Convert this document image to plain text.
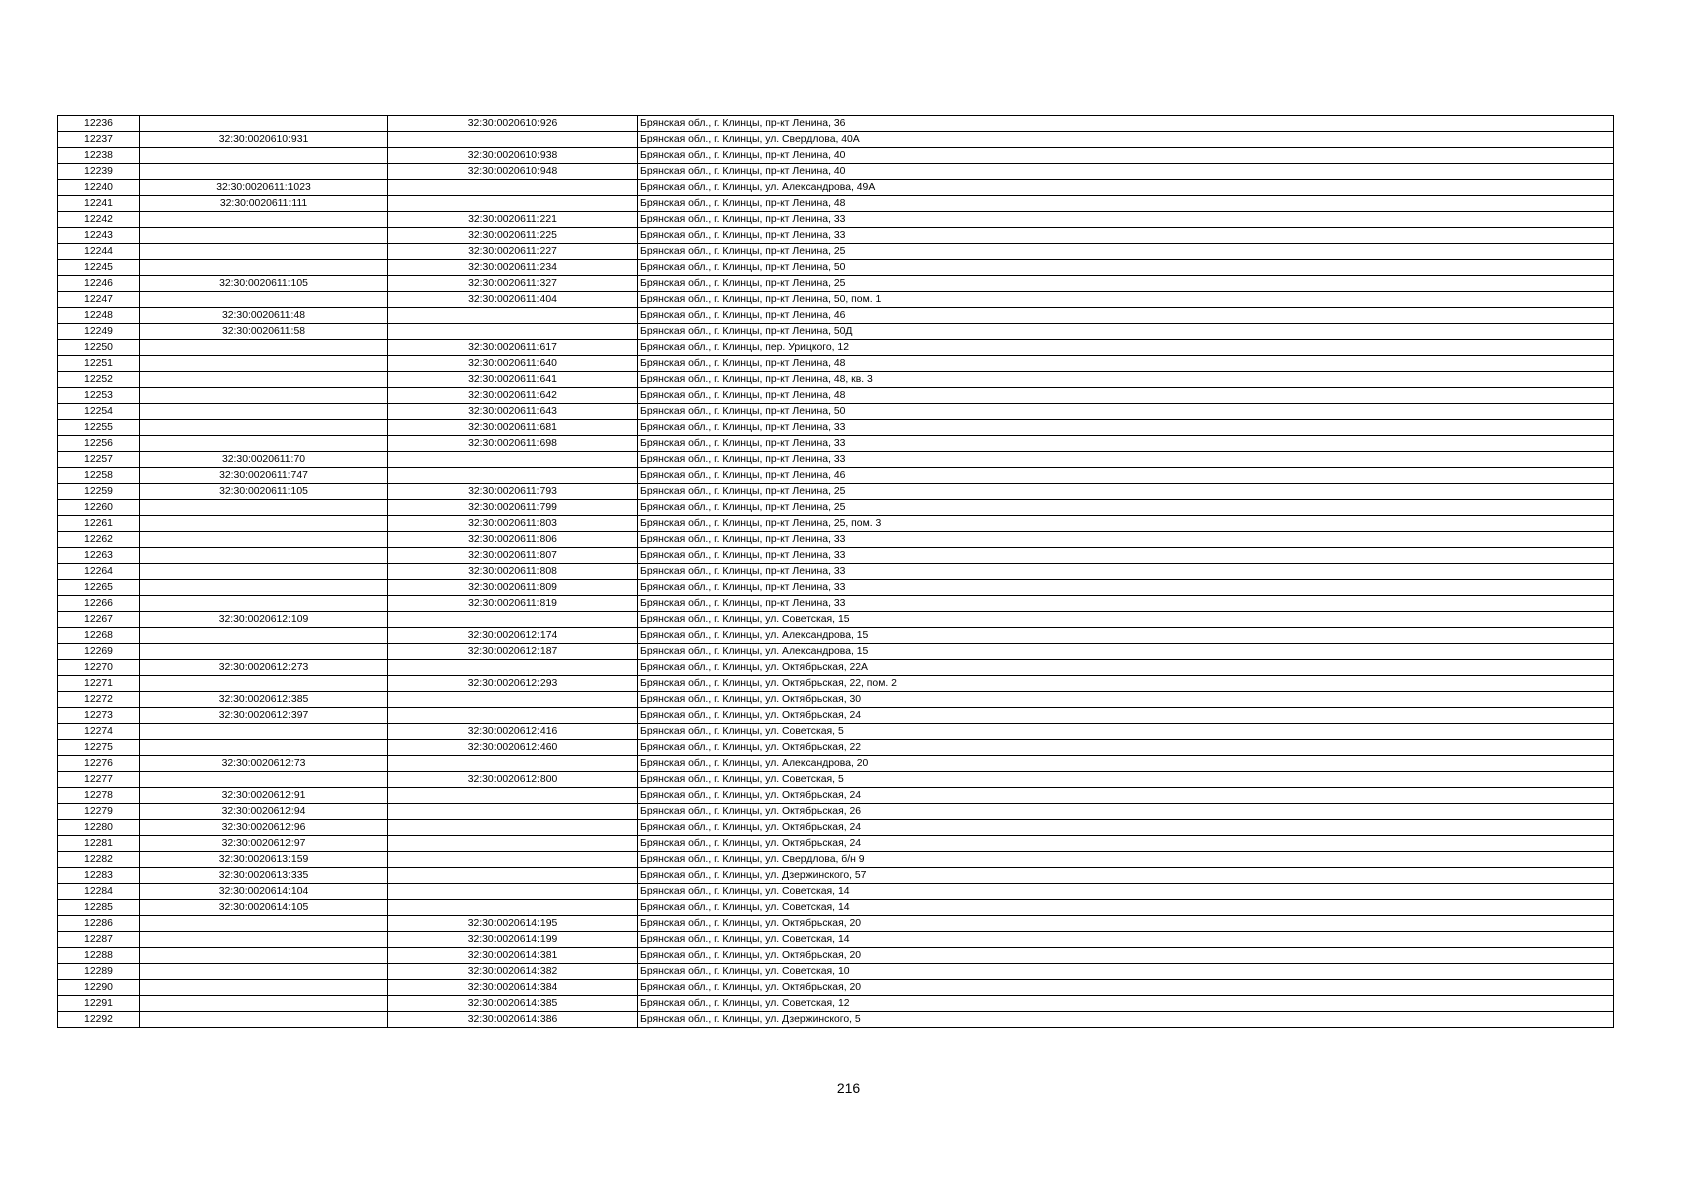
12236		32:30:0020610:926	Брянская обл., г. Клинцы, пр-кт Ленина, 36
12237	32:30:0020610:931		Брянская обл., г. Клинцы, ул. Свердлова, 40А
12238		32:30:0020610:938	Брянская обл., г. Клинцы, пр-кт Ленина, 40
12239		32:30:0020610:948	Брянская обл., г. Клинцы, пр-кт Ленина, 40
12240	32:30:0020611:1023		Брянская обл., г. Клинцы, ул. Александрова, 49А
12241	32:30:0020611:111		Брянская обл., г. Клинцы, пр-кт Ленина, 48
12242		32:30:0020611:221	Брянская обл., г. Клинцы, пр-кт Ленина, 33
12243		32:30:0020611:225	Брянская обл., г. Клинцы, пр-кт Ленина, 33
12244		32:30:0020611:227	Брянская обл., г. Клинцы, пр-кт Ленина, 25
12245		32:30:0020611:234	Брянская обл., г. Клинцы, пр-кт Ленина, 50
12246	32:30:0020611:105	32:30:0020611:327	Брянская обл., г. Клинцы, пр-кт Ленина, 25
12247		32:30:0020611:404	Брянская обл., г. Клинцы, пр-кт Ленина, 50, пом. 1
12248	32:30:0020611:48		Брянская обл., г. Клинцы, пр-кт Ленина, 46
12249	32:30:0020611:58		Брянская обл., г. Клинцы, пр-кт Ленина, 50Д
12250		32:30:0020611:617	Брянская обл., г. Клинцы, пер. Урицкого, 12
12251		32:30:0020611:640	Брянская обл., г. Клинцы, пр-кт Ленина, 48
12252		32:30:0020611:641	Брянская обл., г. Клинцы, пр-кт Ленина, 48, кв. 3
12253		32:30:0020611:642	Брянская обл., г. Клинцы, пр-кт Ленина, 48
12254		32:30:0020611:643	Брянская обл., г. Клинцы, пр-кт Ленина, 50
12255		32:30:0020611:681	Брянская обл., г. Клинцы, пр-кт Ленина, 33
12256		32:30:0020611:698	Брянская обл., г. Клинцы, пр-кт Ленина, 33
12257	32:30:0020611:70		Брянская обл., г. Клинцы, пр-кт Ленина, 33
12258	32:30:0020611:747		Брянская обл., г. Клинцы, пр-кт Ленина, 46
12259	32:30:0020611:105	32:30:0020611:793	Брянская обл., г. Клинцы, пр-кт Ленина, 25
12260		32:30:0020611:799	Брянская обл., г. Клинцы, пр-кт Ленина, 25
12261		32:30:0020611:803	Брянская обл., г. Клинцы, пр-кт Ленина, 25, пом. 3
12262		32:30:0020611:806	Брянская обл., г. Клинцы, пр-кт Ленина, 33
12263		32:30:0020611:807	Брянская обл., г. Клинцы, пр-кт Ленина, 33
12264		32:30:0020611:808	Брянская обл., г. Клинцы, пр-кт Ленина, 33
12265		32:30:0020611:809	Брянская обл., г. Клинцы, пр-кт Ленина, 33
12266		32:30:0020611:819	Брянская обл., г. Клинцы, пр-кт Ленина, 33
12267	32:30:0020612:109		Брянская обл., г. Клинцы, ул. Советская, 15
12268		32:30:0020612:174	Брянская обл., г. Клинцы, ул. Александрова, 15
12269		32:30:0020612:187	Брянская обл., г. Клинцы, ул. Александрова, 15
12270	32:30:0020612:273		Брянская обл., г. Клинцы, ул. Октябрьская, 22А
12271		32:30:0020612:293	Брянская обл., г. Клинцы, ул. Октябрьская, 22, пом. 2
12272	32:30:0020612:385		Брянская обл., г. Клинцы, ул. Октябрьская, 30
12273	32:30:0020612:397		Брянская обл., г. Клинцы, ул. Октябрьская, 24
12274		32:30:0020612:416	Брянская обл., г. Клинцы, ул. Советская, 5
12275		32:30:0020612:460	Брянская обл., г. Клинцы, ул. Октябрьская, 22
12276	32:30:0020612:73		Брянская обл., г. Клинцы, ул. Александрова, 20
12277		32:30:0020612:800	Брянская обл., г. Клинцы, ул. Советская, 5
12278	32:30:0020612:91		Брянская обл., г. Клинцы, ул. Октябрьская, 24
12279	32:30:0020612:94		Брянская обл., г. Клинцы, ул. Октябрьская, 26
12280	32:30:0020612:96		Брянская обл., г. Клинцы, ул. Октябрьская, 24
12281	32:30:0020612:97		Брянская обл., г. Клинцы, ул. Октябрьская, 24
12282	32:30:0020613:159		Брянская обл., г. Клинцы, ул. Свердлова, б/н 9
12283	32:30:0020613:335		Брянская обл., г. Клинцы, ул. Дзержинского, 57
12284	32:30:0020614:104		Брянская обл., г. Клинцы, ул. Советская, 14
12285	32:30:0020614:105		Брянская обл., г. Клинцы, ул. Советская, 14
12286		32:30:0020614:195	Брянская обл., г. Клинцы, ул. Октябрьская, 20
12287		32:30:0020614:199	Брянская обл., г. Клинцы, ул. Советская, 14
12288		32:30:0020614:381	Брянская обл., г. Клинцы, ул. Октябрьская, 20
12289		32:30:0020614:382	Брянская обл., г. Клинцы, ул. Советская, 10
12290		32:30:0020614:384	Брянская обл., г. Клинцы, ул. Октябрьская, 20
12291		32:30:0020614:385	Брянская обл., г. Клинцы, ул. Советская, 12
12292		32:30:0020614:386	Брянская обл., г. Клинцы, ул. Дзержинского, 5
216
